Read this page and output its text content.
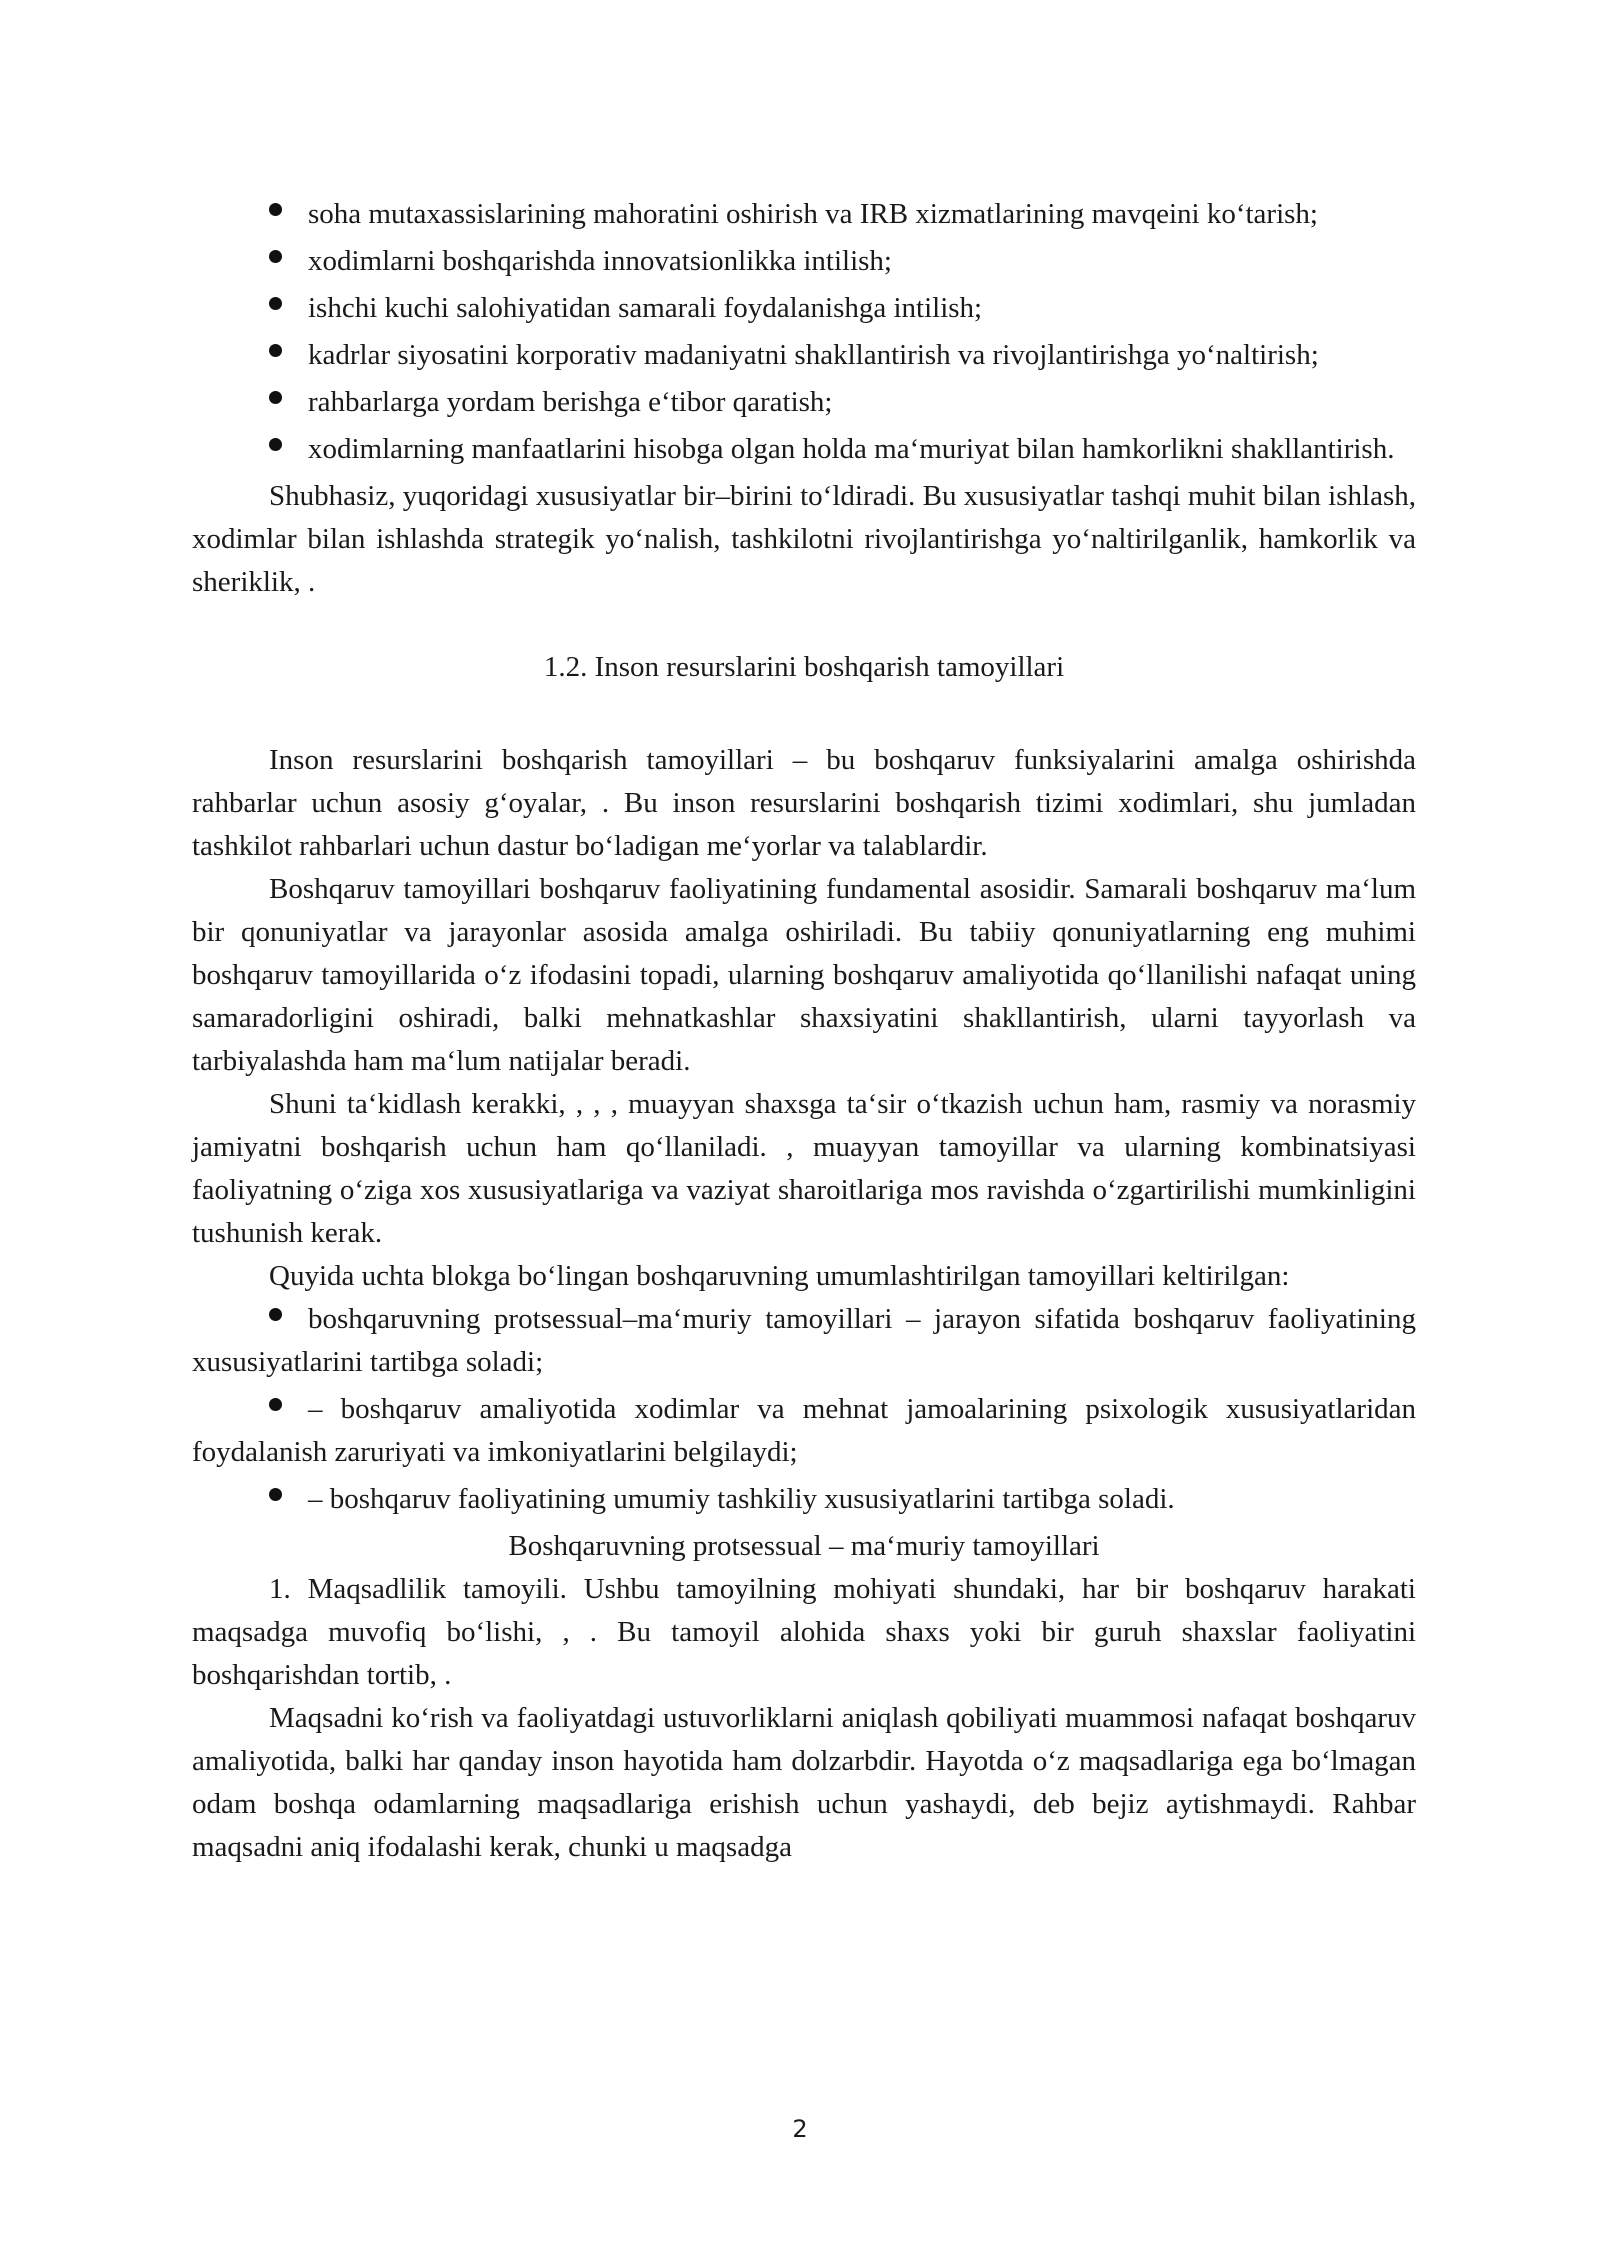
soha mutaxassislarining mahoratini oshirish va IRB xizmatlarining mavqeini ko‘tarish;

xodimlarni boshqarishda innovatsionlikka intilish;

ishchi kuchi salohiyatidan samarali foydalanishga intilish;

kadrlar siyosatini korporativ madaniyatni shakllantirish va rivojlantirishga yo‘naltirish;

rahbarlarga yordam berishga e‘tibor qaratish;

xodimlarning manfaatlarini hisobga olgan holda ma‘muriyat bilan hamkorlikni shakllantirish.

Shubhasiz, yuqoridagi xususiyatlar bir–birini to‘ldiradi. Bu xususiyatlar tashqi muhit bilan ishlash, xodimlar bilan ishlashda strategik yo‘nalish, tashkilotni rivojlantirishga yo‘naltirilganlik, hamkorlik va sheriklik, .

1.2. Inson resurslarini boshqarish tamoyillari

Inson resurslarini boshqarish tamoyillari – bu boshqaruv funksiyalarini amalga oshirishda rahbarlar uchun asosiy g‘oyalar, . Bu inson resurslarini boshqarish tizimi xodimlari, shu jumladan tashkilot rahbarlari uchun dastur bo‘ladigan me‘yorlar va talablardir.

Boshqaruv tamoyillari boshqaruv faoliyatining fundamental asosidir. Samarali boshqaruv ma‘lum bir qonuniyatlar va jarayonlar asosida amalga oshiriladi. Bu tabiiy qonuniyatlarning eng muhimi boshqaruv tamoyillarida o‘z ifodasini topadi, ularning boshqaruv amaliyotida qo‘llanilishi nafaqat uning samaradorligini oshiradi, balki mehnatkashlar shaxsiyatini shakllantirish, ularni tayyorlash va tarbiyalashda ham ma‘lum natijalar beradi.

Shuni ta‘kidlash kerakki, , , , muayyan shaxsga ta‘sir o‘tkazish uchun ham, rasmiy va norasmiy jamiyatni boshqarish uchun ham qo‘llaniladi. , muayyan tamoyillar va ularning kombinatsiyasi faoliyatning o‘ziga xos xususiyatlariga va vaziyat sharoitlariga mos ravishda o‘zgartirilishi mumkinligini tushunish kerak.

Quyida uchta blokga bo‘lingan boshqaruvning umumlashtirilgan tamoyillari keltirilgan:

boshqaruvning protsessual–ma‘muriy tamoyillari – jarayon sifatida boshqaruv faoliyatining xususiyatlarini tartibga soladi;

– boshqaruv amaliyotida xodimlar va mehnat jamoalarining psixologik xususiyatlaridan foydalanish zaruriyati va imkoniyatlarini belgilaydi;

– boshqaruv faoliyatining umumiy tashkiliy xususiyatlarini tartibga soladi.

Boshqaruvning protsessual – ma‘muriy tamoyillari

1. Maqsadlilik tamoyili. Ushbu tamoyilning mohiyati shundaki, har bir boshqaruv harakati maqsadga muvofiq bo‘lishi, , . Bu tamoyil alohida shaxs yoki bir guruh shaxslar faoliyatini boshqarishdan tortib, .

Maqsadni ko‘rish va faoliyatdagi ustuvorliklarni aniqlash qobiliyati muammosi nafaqat boshqaruv amaliyotida, balki har qanday inson hayotida ham dolzarbdir. Hayotda o‘z maqsadlariga ega bo‘lmagan odam boshqa odamlarning maqsadlariga erishish uchun yashaydi, deb bejiz aytishmaydi. Rahbar maqsadni aniq ifodalashi kerak, chunki u maqsadga

2
